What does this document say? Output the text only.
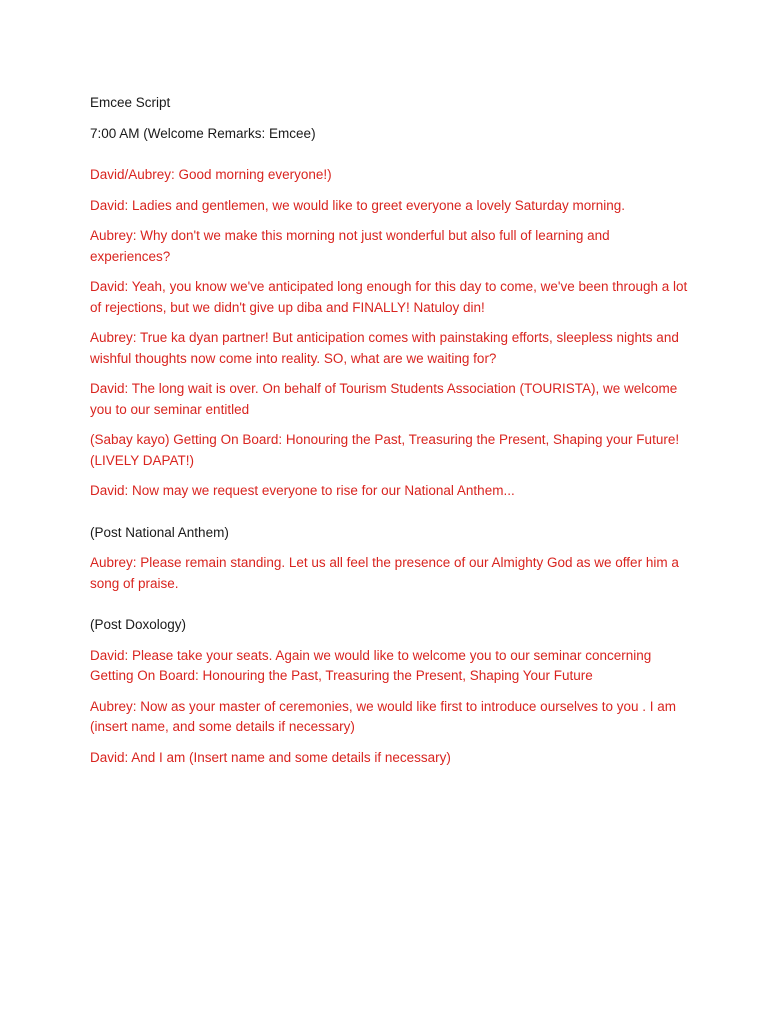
Emcee Script

7:00 AM (Welcome Remarks: Emcee)

David/Aubrey: Good morning everyone!)

David: Ladies and gentlemen, we would like to greet everyone a lovely Saturday morning.

Aubrey: Why don't we make this morning not just wonderful but also full of learning and experiences?

David: Yeah, you know we've anticipated long enough for this day to come, we've been through a lot of rejections, but we didn't give up diba and FINALLY! Natuloy din!

Aubrey: True ka dyan partner! But anticipation comes with painstaking efforts, sleepless nights and wishful thoughts now come into reality. SO, what are we waiting for?

David: The long wait is over. On behalf of Tourism Students Association (TOURISTA), we welcome you to our seminar entitled

(Sabay kayo) Getting On Board: Honouring the Past, Treasuring the Present, Shaping your Future! (LIVELY DAPAT!)

David: Now may we request everyone to rise for our National Anthem...

(Post National Anthem)

Aubrey: Please remain standing. Let us all feel the presence of our Almighty God as we offer him a song of praise.

(Post Doxology)

David: Please take your seats. Again we would like to welcome you to our seminar concerning Getting On Board: Honouring the Past, Treasuring the Present, Shaping Your Future

Aubrey: Now as your master of ceremonies, we would like first to introduce ourselves to you . I am (insert name, and some details if necessary)

David: And I am (Insert name and some details if necessary)
